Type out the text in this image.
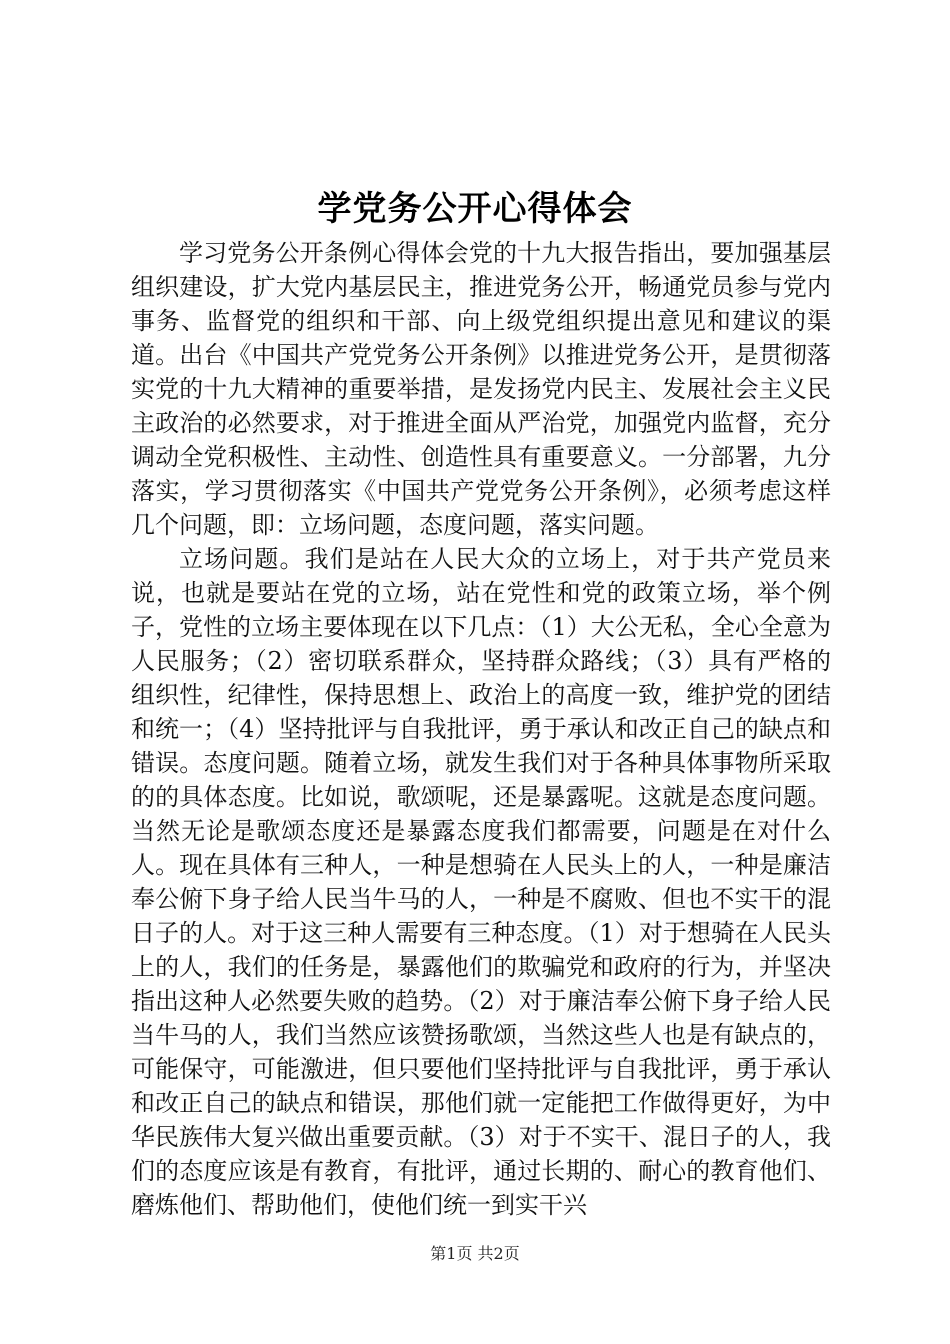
学党务公开心得体会

学习党务公开条例心得体会党的十九大报告指出，要加强基层组织建设，扩大党内基层民主，推进党务公开，畅通党员参与党内事务、监督党的组织和干部、向上级党组织提出意见和建议的渠道。出台《中国共产党党务公开条例》以推进党务公开，是贯彻落实党的十九大精神的重要举措，是发扬党内民主、发展社会主义民主政治的必然要求，对于推进全面从严治党，加强党内监督，充分调动全党积极性、主动性、创造性具有重要意义。一分部署，九分落实，学习贯彻落实《中国共产党党务公开条例》，必须考虑这样几个问题，即：立场问题，态度问题，落实问题。

立场问题。我们是站在人民大众的立场上，对于共产党员来说，也就是要站在党的立场，站在党性和党的政策立场，举个例子，党性的立场主要体现在以下几点：（1）大公无私，全心全意为人民服务；（2）密切联系群众，坚持群众路线；（3）具有严格的组织性，纪律性，保持思想上、政治上的高度一致，维护党的团结和统一；（4）坚持批评与自我批评，勇于承认和改正自己的缺点和错误。态度问题。随着立场，就发生我们对于各种具体事物所采取的的具体态度。比如说，歌颂呢，还是暴露呢。这就是态度问题。当然无论是歌颂态度还是暴露态度我们都需要，问题是在对什么人。现在具体有三种人，一种是想骑在人民头上的人，一种是廉洁奉公俯下身子给人民当牛马的人，一种是不腐败、但也不实干的混日子的人。对于这三种人需要有三种态度。（1）对于想骑在人民头上的人，我们的任务是，暴露他们的欺骗党和政府的行为，并坚决指出这种人必然要失败的趋势。（2）对于廉洁奉公俯下身子给人民当牛马的人，我们当然应该赞扬歌颂，当然这些人也是有缺点的，可能保守，可能激进，但只要他们坚持批评与自我批评，勇于承认和改正自己的缺点和错误，那他们就一定能把工作做得更好，为中华民族伟大复兴做出重要贡献。（3）对于不实干、混日子的人，我们的态度应该是有教育，有批评，通过长期的、耐心的教育他们、磨炼他们、帮助他们，使他们统一到实干兴

第1页 共2页
